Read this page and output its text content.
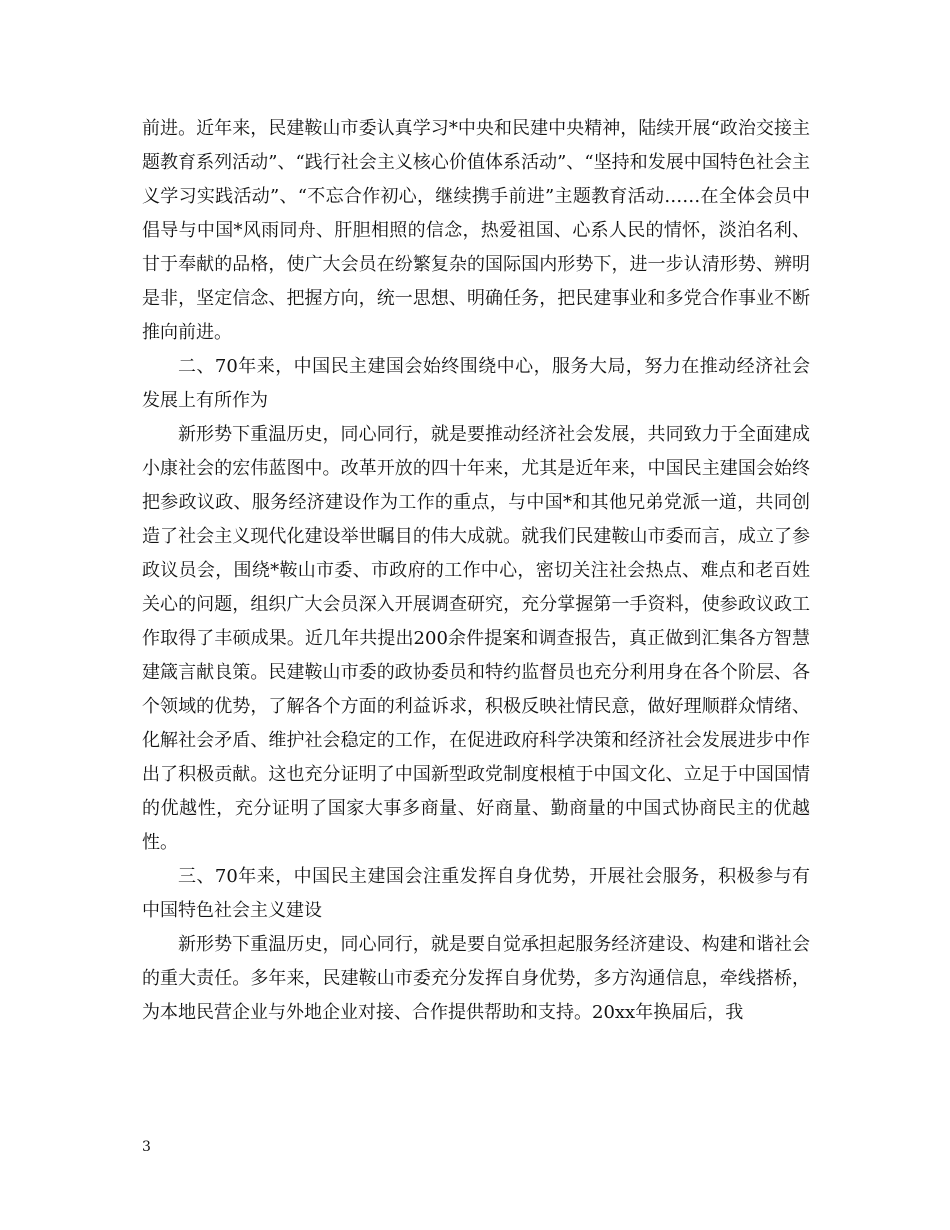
前进。近年来，民建鞍山市委认真学习*中央和民建中央精神，陆续开展“政治交接主题教育系列活动”、“践行社会主义核心价值体系活动”、“坚持和发展中国特色社会主义学习实践活动”、“不忘合作初心，继续携手前进”主题教育活动……在全体会员中倡导与中国*风雨同舟、肝胆相照的信念，热爱祖国、心系人民的情怀，淡泊名利、甘于奉献的品格，使广大会员在纷繁复杂的国际国内形势下，进一步认清形势、辨明是非，坚定信念、把握方向，统一思想、明确任务，把民建事业和多党合作事业不断推向前进。

二、70年来，中国民主建国会始终围绕中心，服务大局，努力在推动经济社会发展上有所作为

新形势下重温历史，同心同行，就是要推动经济社会发展，共同致力于全面建成小康社会的宏伟蓝图中。改革开放的四十年来，尤其是近年来，中国民主建国会始终把参政议政、服务经济建设作为工作的重点，与中国*和其他兄弟党派一道，共同创造了社会主义现代化建设举世瞩目的伟大成就。就我们民建鞍山市委而言，成立了参政议员会，围绕*鞍山市委、市政府的工作中心，密切关注社会热点、难点和老百姓关心的问题，组织广大会员深入开展调查研究，充分掌握第一手资料，使参政议政工作取得了丰硕成果。近几年共提出200余件提案和调查报告，真正做到汇集各方智慧建箴言献良策。民建鞍山市委的政协委员和特约监督员也充分利用身在各个阶层、各个领域的优势，了解各个方面的利益诉求，积极反映社情民意，做好理顺群众情绪、化解社会矛盾、维护社会稳定的工作，在促进政府科学决策和经济社会发展进步中作出了积极贡献。这也充分证明了中国新型政党制度根植于中国文化、立足于中国国情的优越性，充分证明了国家大事多商量、好商量、勤商量的中国式协商民主的优越性。

三、70年来，中国民主建国会注重发挥自身优势，开展社会服务，积极参与有中国特色社会主义建设

新形势下重温历史，同心同行，就是要自觉承担起服务经济建设、构建和谐社会的重大责任。多年来，民建鞍山市委充分发挥自身优势，多方沟通信息，牵线搭桥，为本地民营企业与外地企业对接、合作提供帮助和支持。20xx年换届后，我

3
